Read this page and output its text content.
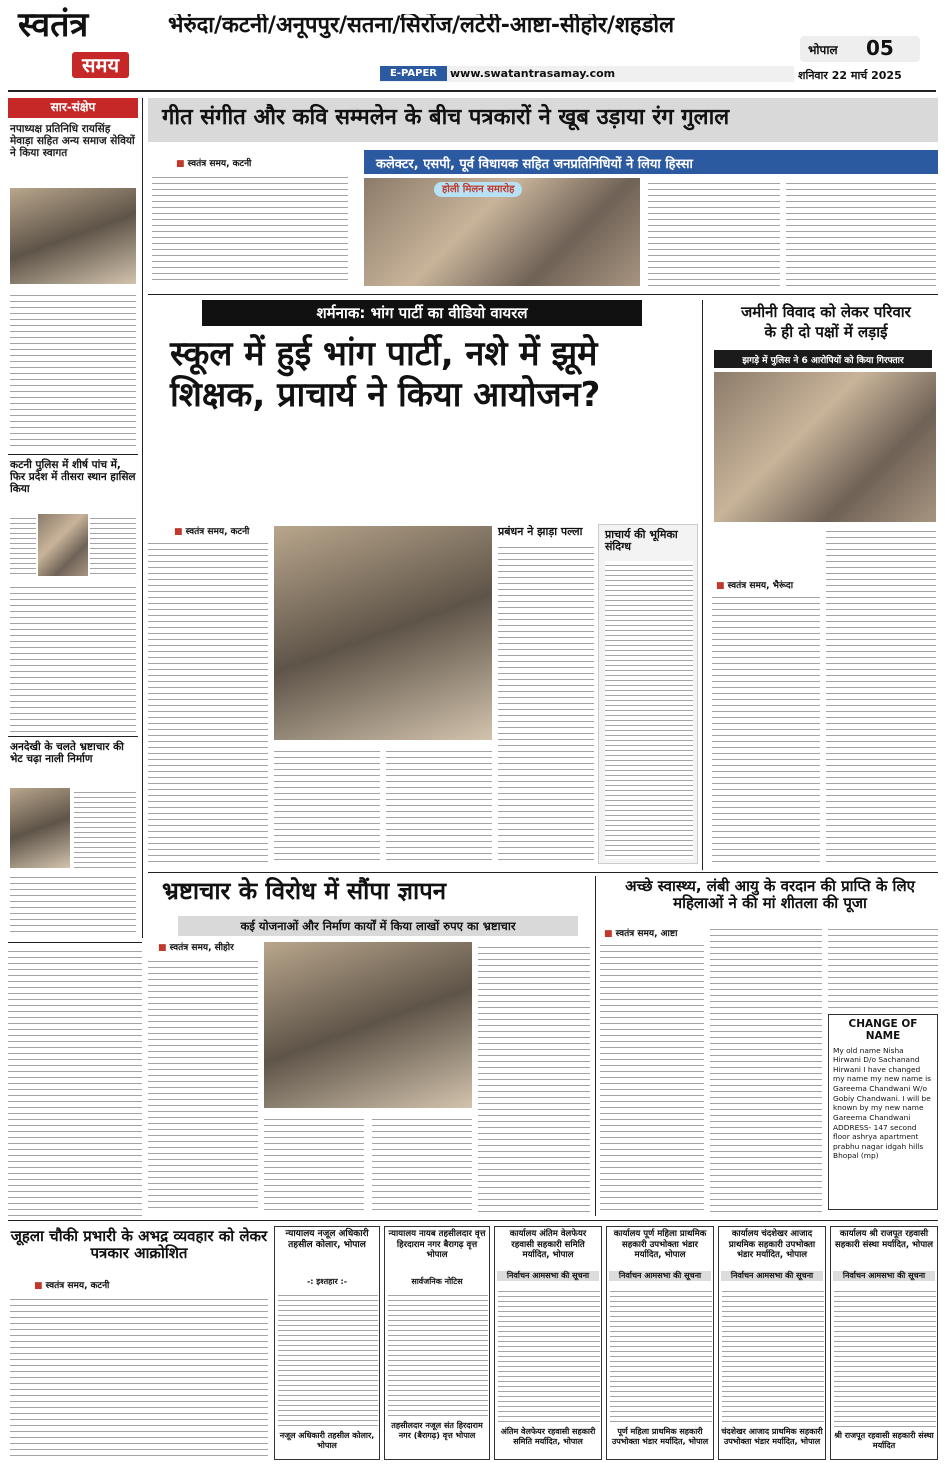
स्वतंत्र
समय
भेरुंदा/कटनी/अनूपपुर/सतना/सिरोंज/लटेरी-आष्टा-सीहोर/शहडोल
भोपाल 05
E-PAPER	www.swatantrasamay.com	शनिवार 22 मार्च 2025
सार-संक्षेप
नपाध्यक्ष प्रतिनिधि रायसिंह मेवाड़ा सहित अन्य समाज सेवियों ने किया स्वागत
कटनी पुलिस में शीर्ष पांच में, फिर प्रदेश में तीसरा स्थान हासिल किया
अनदेखी के चलते भ्रष्टाचार की भेट चढ़ा नाली निर्माण
गीत संगीत और कवि सम्मलेन के बीच पत्रकारों ने खूब उड़ाया रंग गुलाल
■ स्वतंत्र समय, कटनी	कलेक्टर, एसपी, पूर्व विधायक सहित जनप्रतिनिधियों ने लिया हिस्सा
होली मिलन समारोह
शर्मनाक: भांग पार्टी का वीडियो वायरल
स्कूल में हुई भांग पार्टी, नशे में झूमे शिक्षक, प्राचार्य ने किया आयोजन?
■ स्वतंत्र समय, कटनी	प्रबंधन ने झाड़ा पल्ला प्राचार्य की भूमिका संदिग्ध
जमीनी विवाद को लेकर परिवार
के ही दो पक्षों में लड़ाई
झगड़े में पुलिस ने 6 आरोपियों को किया गिरफ्तार
■ स्वतंत्र समय, भैरूंदा
भ्रष्टाचार के विरोध में सौंपा ज्ञापन
कई योजनाओं और निर्माण कार्यों में किया लाखों रुपए का भ्रष्टाचार
■ स्वतंत्र समय, सीहोर
अच्छे स्वास्थ्य, लंबी आयु के वरदान की प्राप्ति के लिए महिलाओं ने की मां शीतला की पूजा
■ स्वतंत्र समय, आष्टा
CHANGE OF NAME
My old name Nisha Hirwani D/o Sachanand Hirwani I have changed my name my new name is Gareema Chandwani W/o Gobiy Chandwani. I will be known by my new name Gareema Chandwani ADDRESS- 147 second floor ashrya apartment prabhu nagar idgah hills Bhopal (mp)
जूहला चौकी प्रभारी के अभद्र व्यवहार को लेकर पत्रकार आक्रोशित
■ स्वतंत्र समय, कटनी
न्यायालय नजूल अधिकारी तहसील कोलार, भोपाल
-: इश्तहार :-
नजूल अधिकारी तहसील कोलार, भोपाल
न्यायालय नायब तहसीलदार वृत्त हिरदाराम नगर बैरागढ़ वृत्त भोपाल
सार्वजनिक नोटिस
तहसीलदार नजूल संत हिरदाराम नगर (बैरागढ़) वृत्त भोपाल
कार्यालय अंतिम वेलफेयर रहवासी सहकारी समिति मर्यादित, भोपाल
निर्वाचन आमसभा की सूचना
अंतिम वेलफेयर रहवासी सहकारी समिति मर्यादित, भोपाल
कार्यालय पूर्ण महिला प्राथमिक सहकारी उपभोक्ता भंडार मर्यादित, भोपाल
निर्वाचन आमसभा की सूचना
पूर्ण महिला प्राथमिक सहकारी उपभोक्ता भंडार मर्यादित, भोपाल
कार्यालय चंदशेखर आजाद प्राथमिक सहकारी उपभोक्ता भंडार मर्यादित, भोपाल
निर्वाचन आमसभा की सूचना
चंदशेखर आजाद प्राथमिक सहकारी उपभोक्ता भंडार मर्यादित, भोपाल
कार्यालय श्री राजपूत रहवासी सहकारी संस्था मर्यादित, भोपाल
निर्वाचन आमसभा की सूचना
श्री राजपूत रहवासी सहकारी संस्था मर्यादित
